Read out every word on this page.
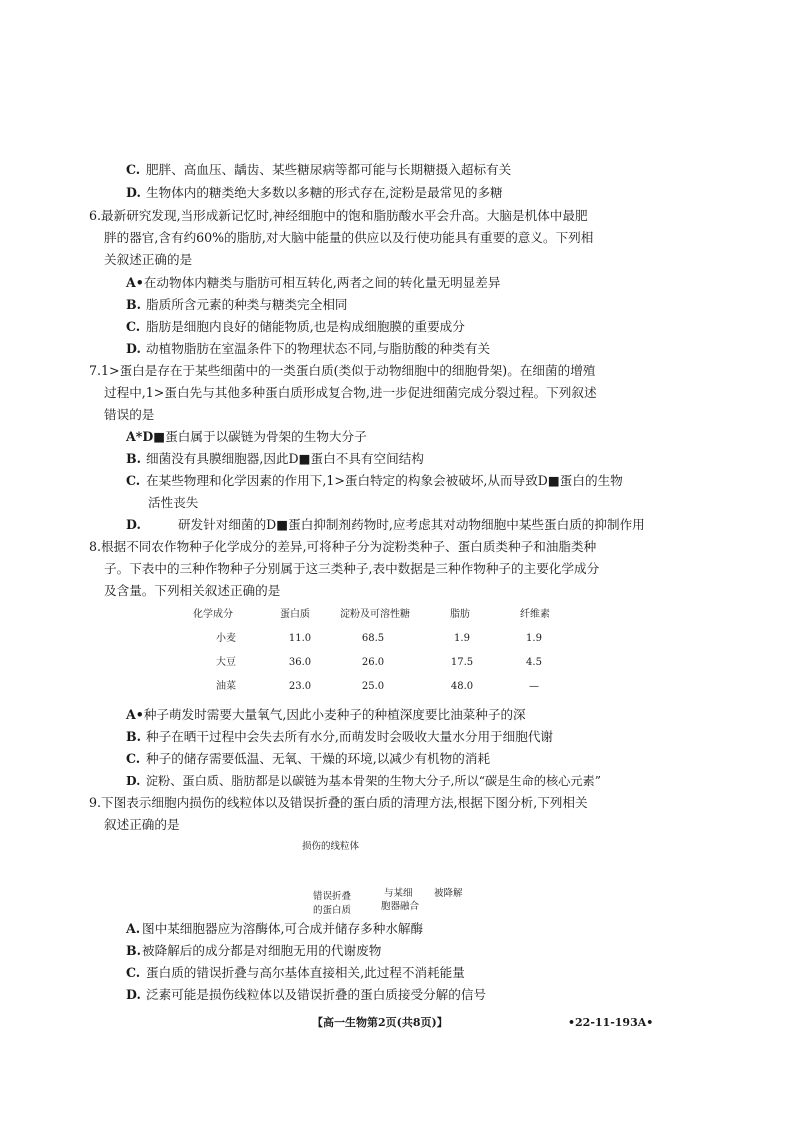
C. 肥胖、高血压、龋齿、某些糖尿病等都可能与长期糖摄入超标有关
D. 生物体内的糖类绝大多数以多糖的形式存在,淀粉是最常见的多糖
6.最新研究发现,当形成新记忆时,神经细胞中的饱和脂肪酸水平会升高。大脑是机体中最肥
胖的器官,含有约60%的脂肪,对大脑中能量的供应以及行使功能具有重要的意义。下列相
关叙述正确的是
A•在动物体内糖类与脂肪可相互转化,两者之间的转化量无明显差异
B. 脂质所含元素的种类与糖类完全相同
C. 脂肪是细胞内良好的储能物质,也是构成细胞膜的重要成分
D. 动植物脂肪在室温条件下的物理状态不同,与脂肪酸的种类有关
7.1>蛋白是存在于某些细菌中的一类蛋白质(类似于动物细胞中的细胞骨架)。在细菌的增殖
过程中,1>蛋白先与其他多种蛋白质形成复合物,进一步促进细菌完成分裂过程。下列叙述
错误的是
A*D■蛋白属于以碳链为骨架的生物大分子
B. 细菌没有具膜细胞器,因此D■蛋白不具有空间结构
C. 在某些物理和化学因素的作用下,1>蛋白特定的构象会被破坏,从而导致D■蛋白的生物
活性丧失
D.	研发针对细菌的D■蛋白抑制剂药物时,应考虑其对动物细胞中某些蛋白质的抑制作用
8.根据不同农作物种子化学成分的差异,可将种子分为淀粉类种子、蛋白质类种子和油脂类种
子。下表中的三种作物种子分别属于这三类种子,表中数据是三种作物种子的主要化学成分
及含量。下列相关叙述正确的是
化学成分	蛋白质	淀粉及可溶性糖	脂肪	纤维素
小麦	11.0	68.5	1.9	1.9
大豆	36.0	26.0	17.5	4.5
油菜	23.0	25.0	48.0	—
A•种子萌发时需要大量氧气,因此小麦种子的种植深度要比油菜种子的深
B. 种子在晒干过程中会失去所有水分,而萌发时会吸收大量水分用于细胞代谢
C. 种子的储存需要低温、无氧、干燥的环境,以减少有机物的消耗
D. 淀粉、蛋白质、脂肪都是以碳链为基本骨架的生物大分子,所以“碳是生命的核心元素”
9.下图表示细胞内损伤的线粒体以及错误折叠的蛋白质的清理方法,根据下图分析,下列相关
叙述正确的是
损伤的线粒体
错误折叠
的蛋白质
与某细
胞器融合
被降解
A. 图中某细胞器应为溶酶体,可合成并储存多种水解酶
B.被降解后的成分都是对细胞无用的代谢废物
C. 蛋白质的错误折叠与高尔基体直接相关,此过程不消耗能量
D. 泛素可能是损伤线粒体以及错误折叠的蛋白质接受分解的信号
【高一生物第2页(共8页)】	•22-11-193A•
